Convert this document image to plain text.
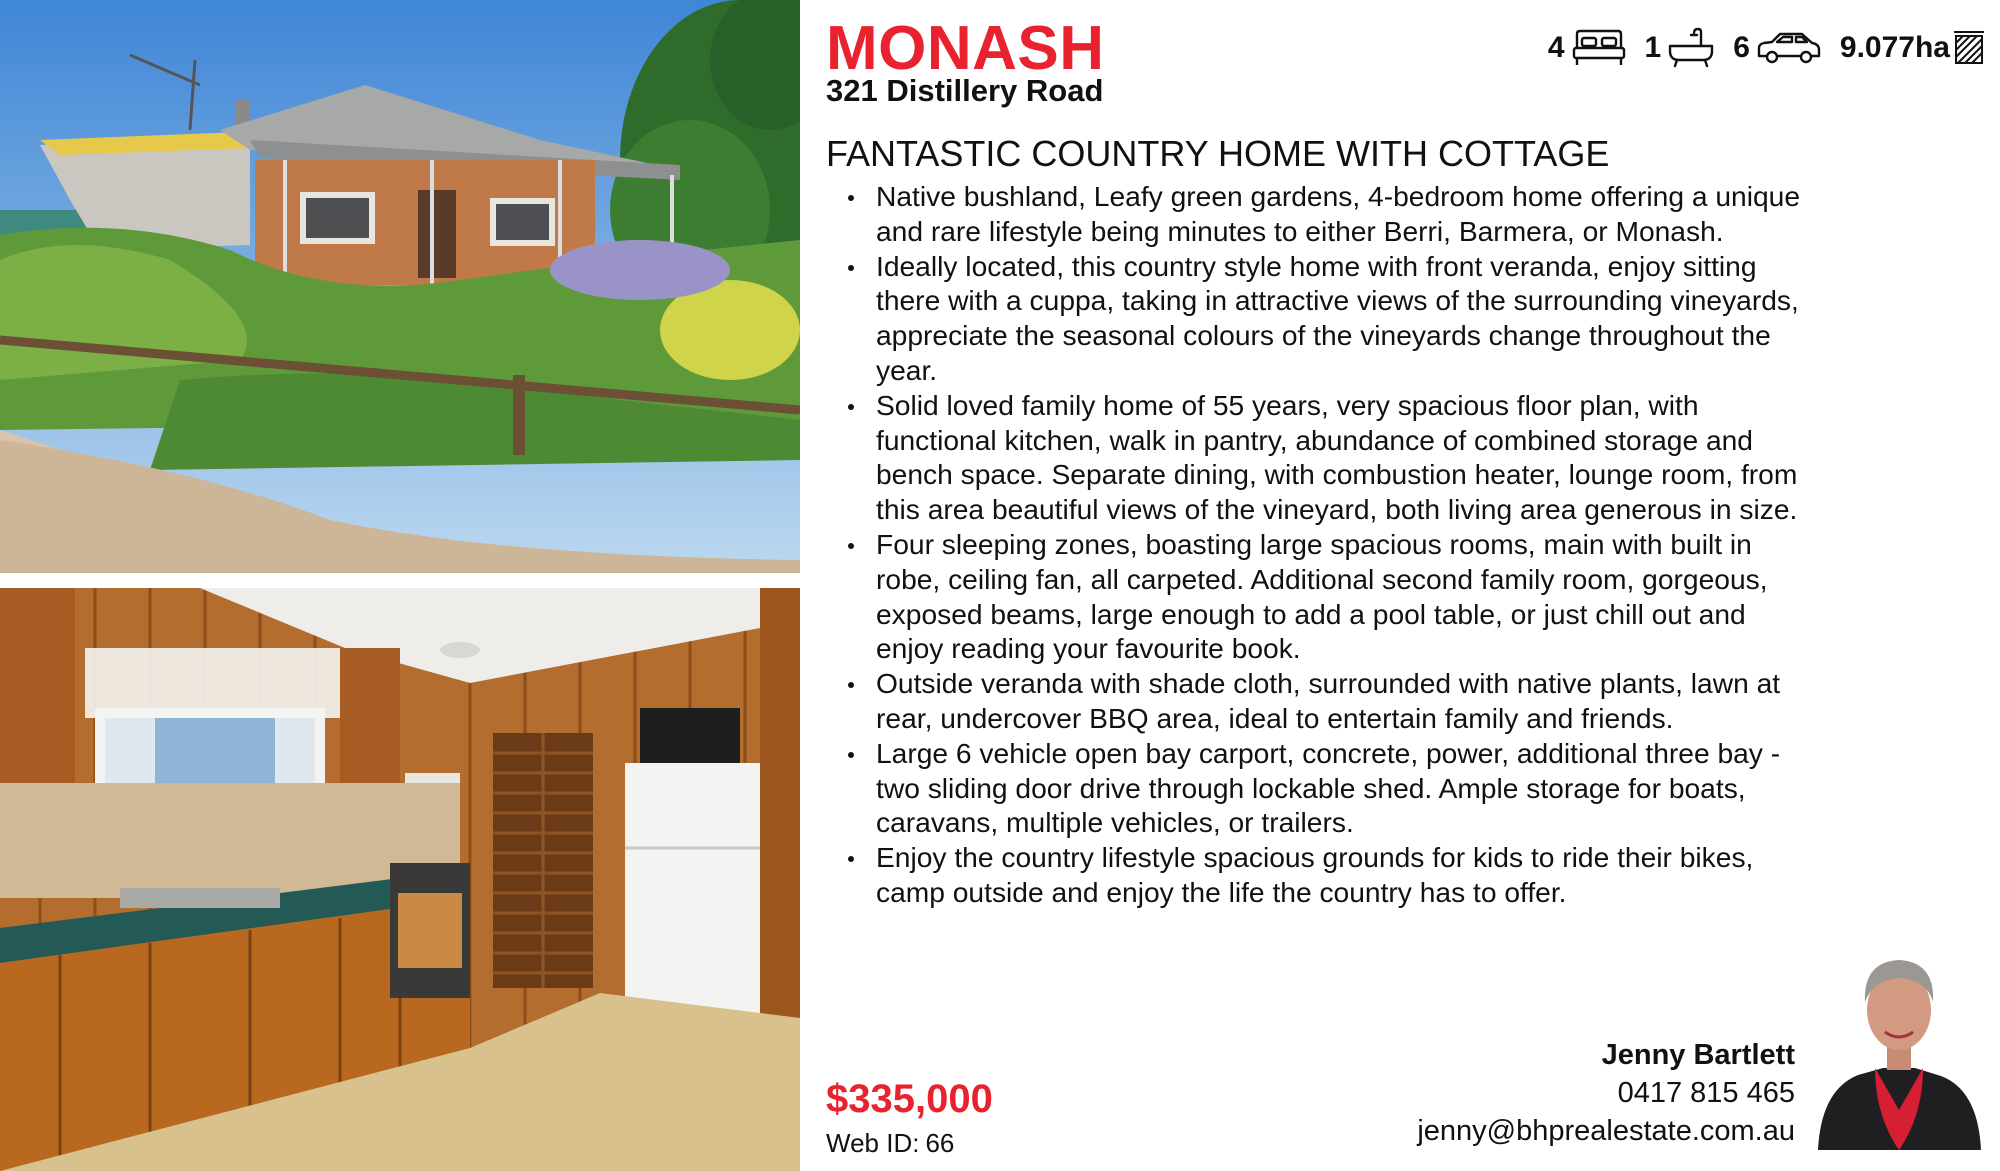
MONASH
321 Distillery Road
4	1 6	9.077ha
FANTASTIC COUNTRY HOME WITH COTTAGE
Native bushland, Leafy green gardens, 4-bedroom home offering a unique and rare lifestyle being minutes to either Berri, Barmera, or Monash.
Ideally located, this country style home with front veranda, enjoy sitting there with a cuppa, taking in attractive views of the surrounding vineyards, appreciate the seasonal colours of the vineyards change throughout the year.
Solid loved family home of 55 years, very spacious floor plan, with functional kitchen, walk in pantry, abundance of combined storage and bench space. Separate dining, with combustion heater, lounge room, from this area beautiful views of the vineyard, both living area generous in size.
Four sleeping zones, boasting large spacious rooms, main with built in robe, ceiling fan, all carpeted. Additional second family room, gorgeous, exposed beams, large enough to add a pool table, or just chill out and enjoy reading your favourite book.
Outside veranda with shade cloth, surrounded with native plants, lawn at rear, undercover BBQ area, ideal to entertain family and friends.
Large 6 vehicle open bay carport, concrete, power, additional three bay -two sliding door drive through lockable shed. Ample storage for boats, caravans, multiple vehicles, or trailers.
Enjoy the country lifestyle spacious grounds for kids to ride their bikes, camp outside and enjoy the life the country has to offer.
$335,000
Web ID: 66
Jenny Bartlett
0417 815 465
jenny@bhprealestate.com.au
